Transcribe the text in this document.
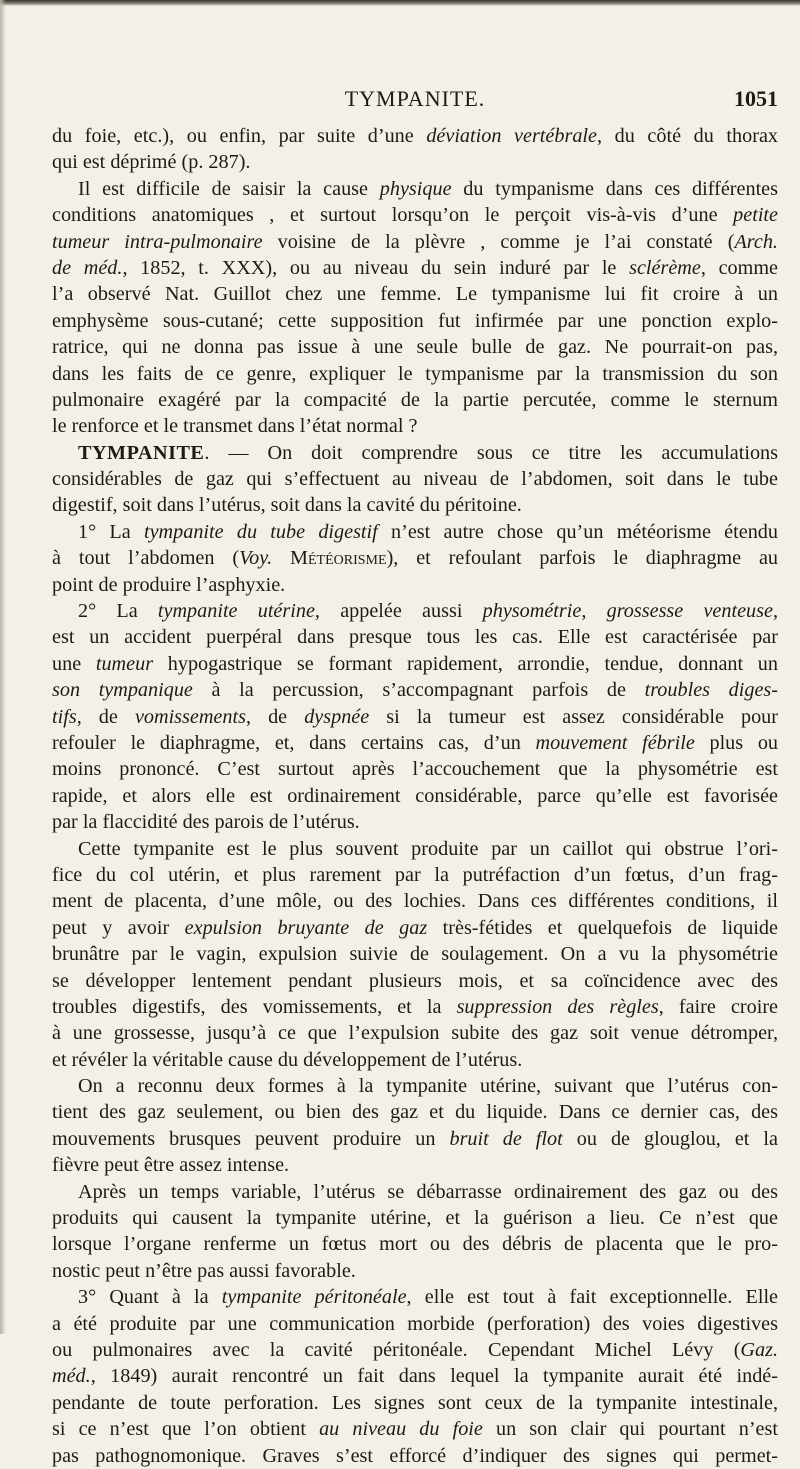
TYMPANITE.	1051
du foie, etc.), ou enfin, par suite d’une déviation vertébrale, du côté du thorax
qui est déprimé (p. 287).
Il est difficile de saisir la cause physique du tympanisme dans ces différentes
conditions anatomiques , et surtout lorsqu’on le perçoit vis-à-vis d’une petite
tumeur intra-pulmonaire voisine de la plèvre , comme je l’ai constaté (Arch.
de méd., 1852, t. XXX), ou au niveau du sein induré par le sclérème, comme
l’a observé Nat. Guillot chez une femme. Le tympanisme lui fit croire à un
emphysème sous-cutané; cette supposition fut infirmée par une ponction explo-
ratrice, qui ne donna pas issue à une seule bulle de gaz. Ne pourrait-on pas,
dans les faits de ce genre, expliquer le tympanisme par la transmission du son
pulmonaire exagéré par la compacité de la partie percutée, comme le sternum
le renforce et le transmet dans l’état normal ?
TYMPANITE. — On doit comprendre sous ce titre les accumulations
considérables de gaz qui s’effectuent au niveau de l’abdomen, soit dans le tube
digestif, soit dans l’utérus, soit dans la cavité du péritoine.
1° La tympanite du tube digestif n’est autre chose qu’un météorisme étendu
à tout l’abdomen (Voy. Météorisme), et refoulant parfois le diaphragme au
point de produire l’asphyxie.
2° La tympanite utérine, appelée aussi physométrie, grossesse venteuse,
est un accident puerpéral dans presque tous les cas. Elle est caractérisée par
une tumeur hypogastrique se formant rapidement, arrondie, tendue, donnant un
son tympanique à la percussion, s’accompagnant parfois de troubles diges-
tifs, de vomissements, de dyspnée si la tumeur est assez considérable pour
refouler le diaphragme, et, dans certains cas, d’un mouvement fébrile plus ou
moins prononcé. C’est surtout après l’accouchement que la physométrie est
rapide, et alors elle est ordinairement considérable, parce qu’elle est favorisée
par la flaccidité des parois de l’utérus.
Cette tympanite est le plus souvent produite par un caillot qui obstrue l’ori-
fice du col utérin, et plus rarement par la putréfaction d’un fœtus, d’un frag-
ment de placenta, d’une môle, ou des lochies. Dans ces différentes conditions, il
peut y avoir expulsion bruyante de gaz très-fétides et quelquefois de liquide
brunâtre par le vagin, expulsion suivie de soulagement. On a vu la physométrie
se développer lentement pendant plusieurs mois, et sa coïncidence avec des
troubles digestifs, des vomissements, et la suppression des règles, faire croire
à une grossesse, jusqu’à ce que l’expulsion subite des gaz soit venue détromper,
et révéler la véritable cause du développement de l’utérus.
On a reconnu deux formes à la tympanite utérine, suivant que l’utérus con-
tient des gaz seulement, ou bien des gaz et du liquide. Dans ce dernier cas, des
mouvements brusques peuvent produire un bruit de flot ou de glouglou, et la
fièvre peut être assez intense.
Après un temps variable, l’utérus se débarrasse ordinairement des gaz ou des
produits qui causent la tympanite utérine, et la guérison a lieu. Ce n’est que
lorsque l’organe renferme un fœtus mort ou des débris de placenta que le pro-
nostic peut n’être pas aussi favorable.
3° Quant à la tympanite péritonéale, elle est tout à fait exceptionnelle. Elle
a été produite par une communication morbide (perforation) des voies digestives
ou pulmonaires avec la cavité péritonéale. Cependant Michel Lévy (Gaz.
méd., 1849) aurait rencontré un fait dans lequel la tympanite aurait été indé-
pendante de toute perforation. Les signes sont ceux de la tympanite intestinale,
si ce n’est que l’on obtient au niveau du foie un son clair qui pourtant n’est
pas pathognomonique. Graves s’est efforcé d’indiquer des signes qui permet-
